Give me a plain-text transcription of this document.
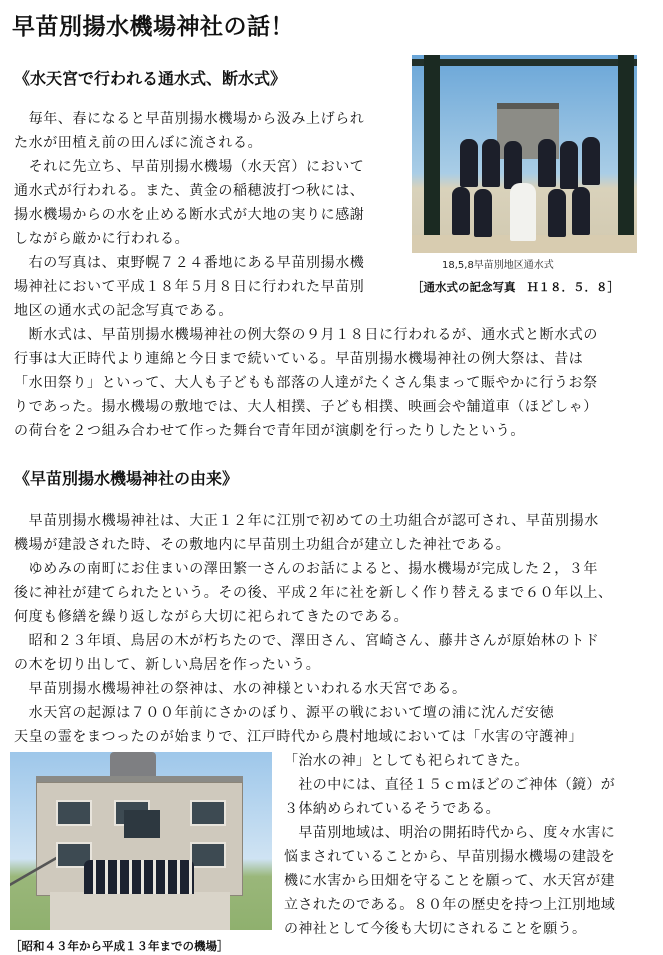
早苗別揚水機場神社の話！
《水天宮で行われる通水式、断水式》
　毎年、春になると早苗別揚水機場から汲み上げられ
た水が田植え前の田んぼに流される。
　それに先立ち、早苗別揚水機場（水天宮）において
通水式が行われる。また、黄金の稲穂波打つ秋には、
揚水機場からの水を止める断水式が大地の実りに感謝
しながら厳かに行われる。
　右の写真は、東野幌７２４番地にある早苗別揚水機
場神社において平成１８年５月８日に行われた早苗別
地区の通水式の記念写真である。
18,5,8早苗別地区通水式
［通水式の記念写真　Ｈ１８．５．８］
　断水式は、早苗別揚水機場神社の例大祭の９月１８日に行われるが、通水式と断水式の
行事は大正時代より連綿と今日まで続いている。早苗別揚水機場神社の例大祭は、昔は
「水田祭り」といって、大人も子どもも部落の人達がたくさん集まって賑やかに行うお祭
りであった。揚水機場の敷地では、大人相撲、子ども相撲、映画会や舗道車（ほどしゃ）
の荷台を２つ組み合わせて作った舞台で青年団が演劇を行ったりしたという。
《早苗別揚水機場神社の由来》
　早苗別揚水機場神社は、大正１２年に江別で初めての土功組合が認可され、早苗別揚水
機場が建設された時、その敷地内に早苗別土功組合が建立した神社である。
　ゆめみの南町にお住まいの澤田繁一さんのお話によると、揚水機場が完成した２，３年
後に神社が建てられたという。その後、平成２年に社を新しく作り替えるまで６０年以上、
何度も修繕を繰り返しながら大切に祀られてきたのである。
　昭和２３年頃、鳥居の木が朽ちたので、澤田さん、宮崎さん、藤井さんが原始林のトド
の木を切り出して、新しい鳥居を作ったいう。
　早苗別揚水機場神社の祭神は、水の神様といわれる水天宮である。
　水天宮の起源は７００年前にさかのぼり、源平の戦において壇の浦に沈んだ安徳
天皇の霊をまつったのが始まりで、江戸時代から農村地域においては「水害の守護神」
「治水の神」としても祀られてきた。
　社の中には、直径１５ｃｍほどのご神体（鏡）が
３体納められているそうである。
　早苗別地域は、明治の開拓時代から、度々水害に
悩まされていることから、早苗別揚水機場の建設を
機に水害から田畑を守ることを願って、水天宮が建
立されたのである。８０年の歴史を持つ上江別地域
の神社として今後も大切にされることを願う。
［昭和４３年から平成１３年までの機場］
